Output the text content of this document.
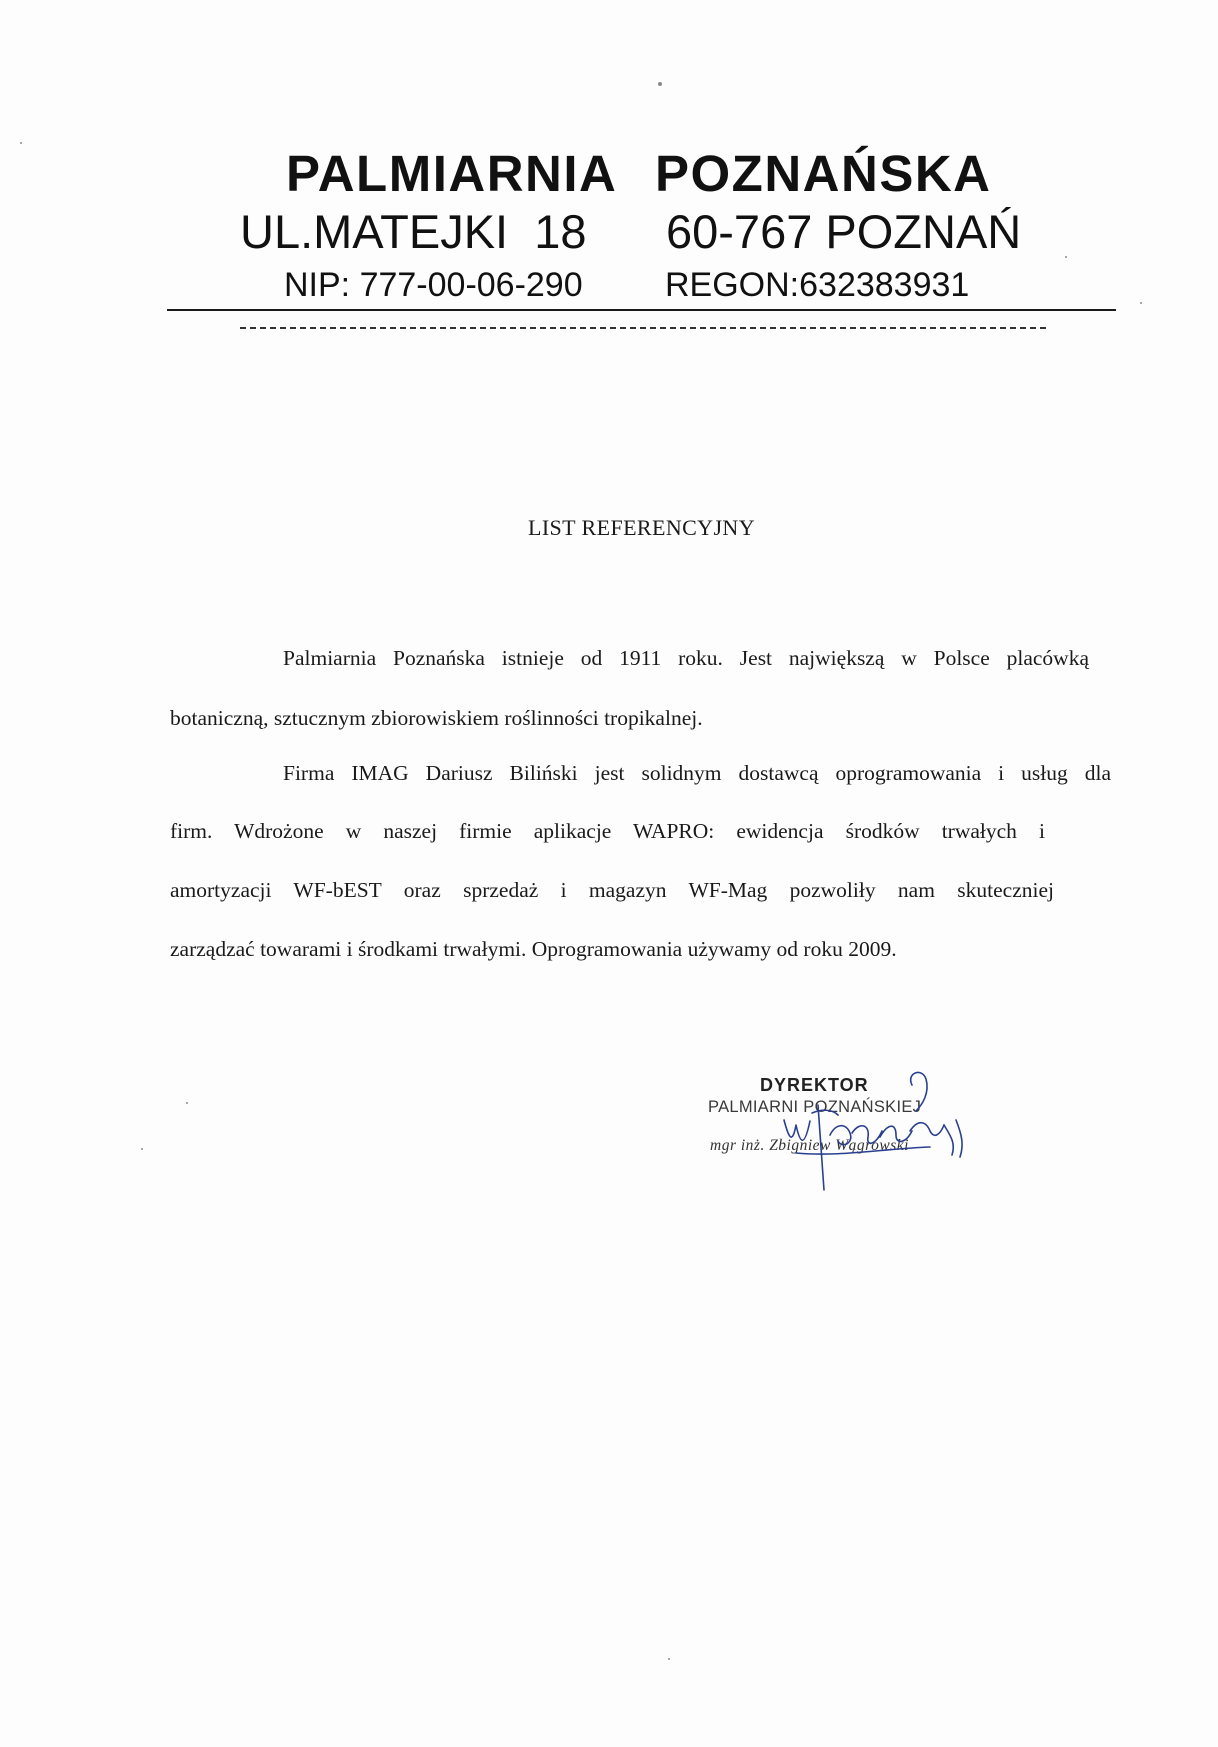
PALMIARNIA POZNAŃSKA
UL.MATEJKI  18 60-767 POZNAŃ
NIP: 777-00-06-290 REGON:632383931
LIST REFERENCYJNY
Palmiarnia Poznańska istnieje od 1911 roku. Jest największą w Polsce placówką
botaniczną, sztucznym zbiorowiskiem roślinności tropikalnej.
Firma IMAG Dariusz Biliński jest solidnym dostawcą oprogramowania i usług dla
firm. Wdrożone w naszej firmie aplikacje WAPRO: ewidencja środków trwałych i
amortyzacji WF-bEST oraz sprzedaż i magazyn WF-Mag pozwoliły nam skuteczniej
zarządzać towarami i środkami trwałymi. Oprogramowania używamy od roku 2009.
DYREKTOR
PALMIARNI POZNAŃSKIEJ
mgr inż. Zbigniew Wągrowski
